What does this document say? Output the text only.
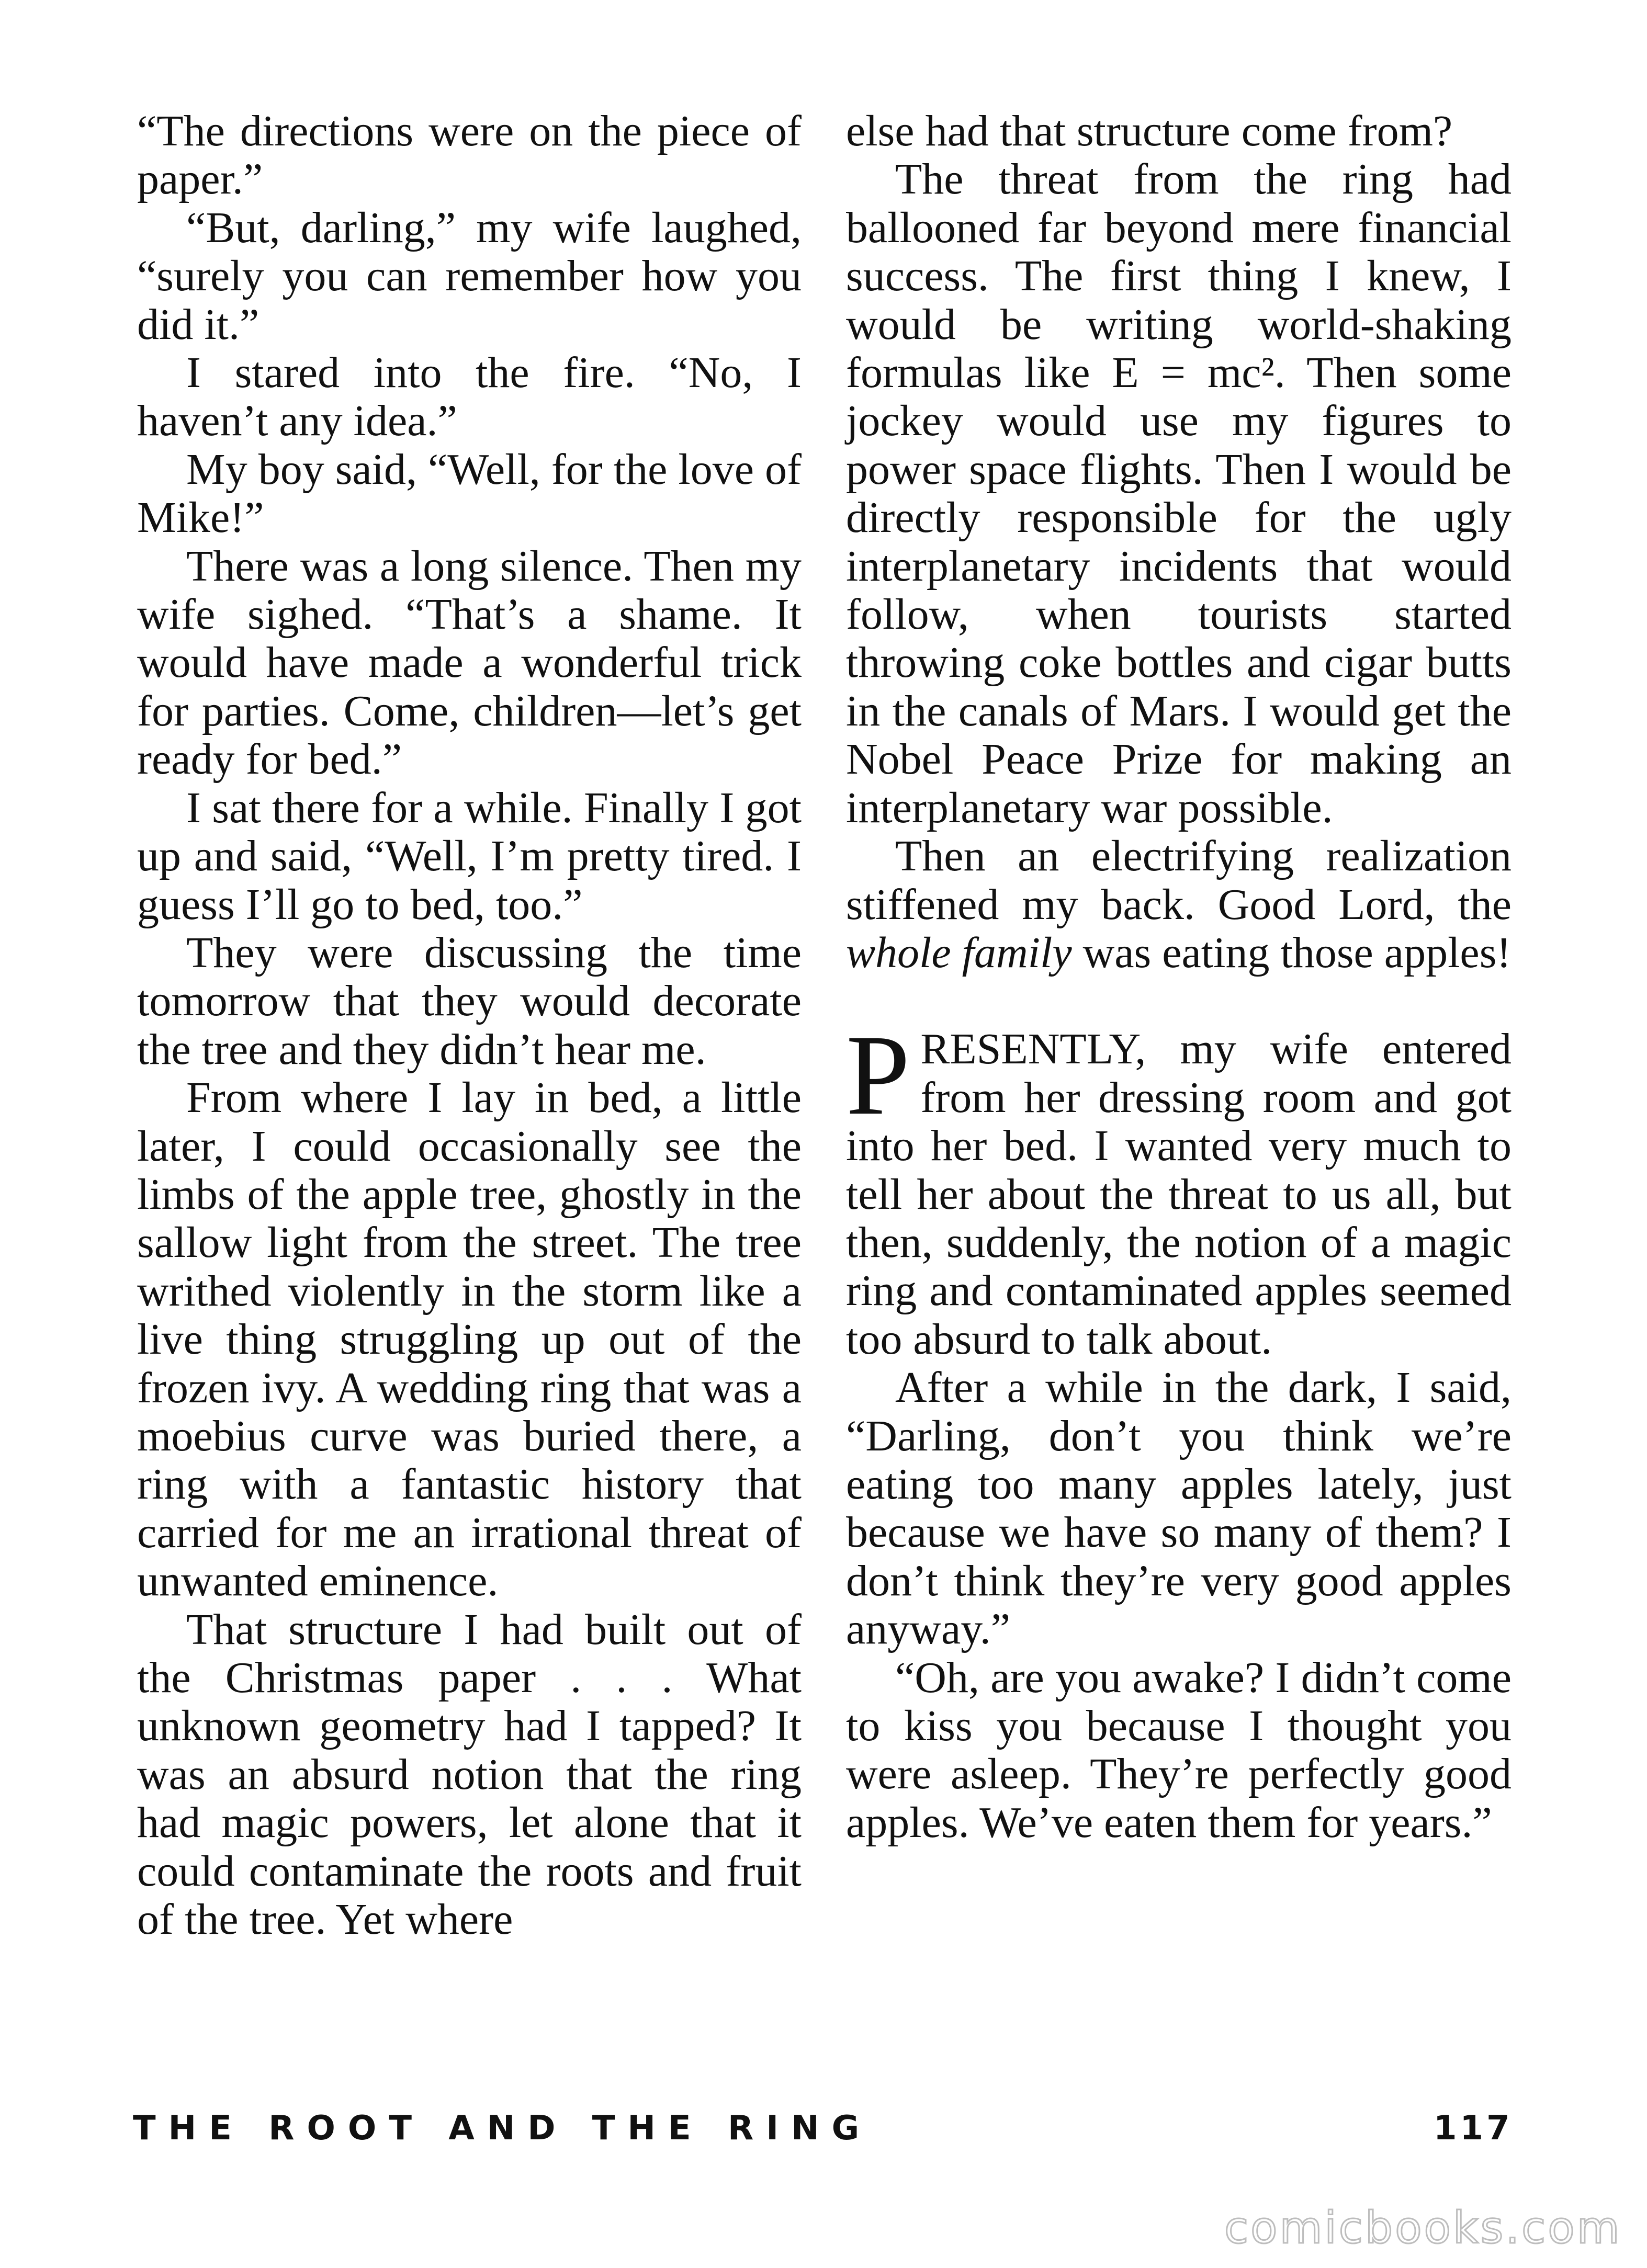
“The directions were on the piece of paper.”

“But, darling,” my wife laughed, “surely you can remember how you did it.”

I stared into the fire. “No, I haven’t any idea.”

My boy said, “Well, for the love of Mike!”

There was a long silence. Then my wife sighed. “That’s a shame. It would have made a wonderful trick for parties. Come, children—let’s get ready for bed.”

I sat there for a while. Finally I got up and said, “Well, I’m pretty tired. I guess I’ll go to bed, too.”

They were discussing the time tomorrow that they would decorate the tree and they didn’t hear me.

From where I lay in bed, a little later, I could occasionally see the limbs of the apple tree, ghostly in the sallow light from the street. The tree writhed violently in the storm like a live thing struggling up out of the frozen ivy. A wedding ring that was a moebius curve was buried there, a ring with a fantastic history that carried for me an irrational threat of unwanted eminence.

That structure I had built out of the Christmas paper . . . What unknown geometry had I tapped? It was an absurd notion that the ring had magic powers, let alone that it could contaminate the roots and fruit of the tree. Yet where

else had that structure come from?

The threat from the ring had ballooned far beyond mere financial success. The first thing I knew, I would be writing world-shaking formulas like E = mc². Then some jockey would use my figures to power space flights. Then I would be directly responsible for the ugly interplanetary incidents that would follow, when tourists started throwing coke bottles and cigar butts in the canals of Mars. I would get the Nobel Peace Prize for making an interplanetary war possible.

Then an electrifying realization stiffened my back. Good Lord, the whole family was eating those apples!

PRESENTLY, my wife entered from her dressing room and got into her bed. I wanted very much to tell her about the threat to us all, but then, suddenly, the notion of a magic ring and contaminated apples seemed too absurd to talk about.

After a while in the dark, I said, “Darling, don’t you think we’re eating too many apples lately, just because we have so many of them? I don’t think they’re very good apples anyway.”

“Oh, are you awake? I didn’t come to kiss you because I thought you were asleep. They’re perfectly good apples. We’ve eaten them for years.”

THE ROOT AND THE RING	117
comicbooks.com
